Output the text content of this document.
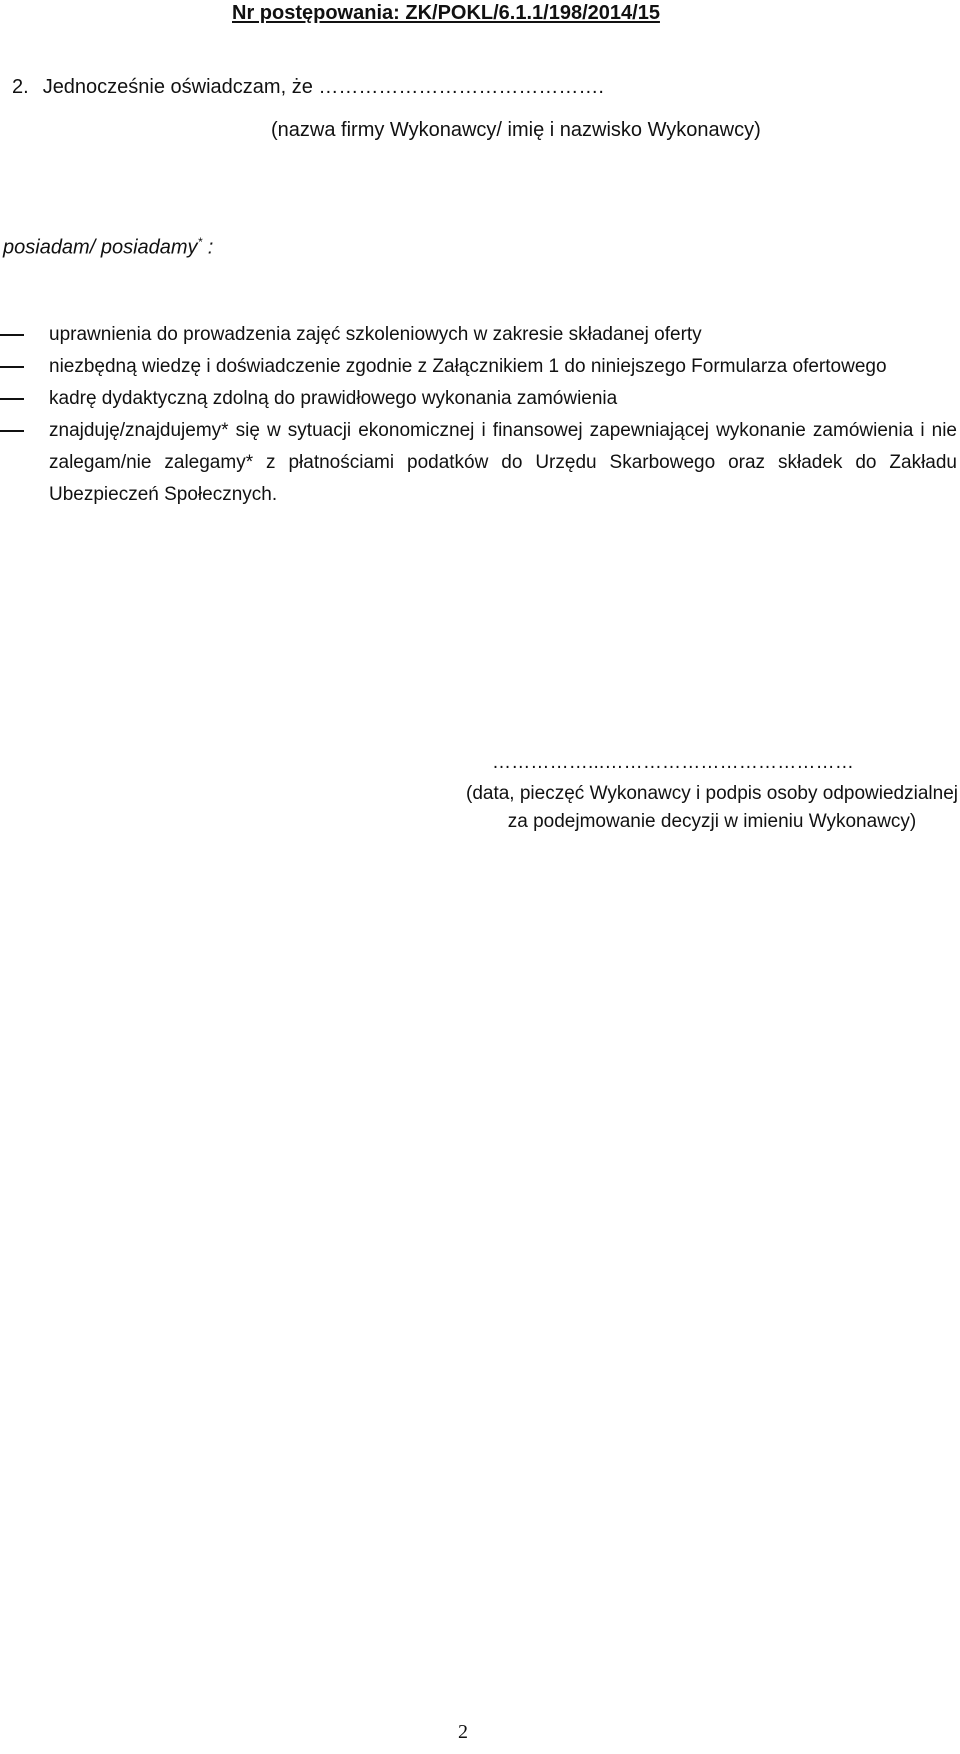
Nr postępowania: ZK/POKL/6.1.1/198/2014/15
2. Jednocześnie oświadczam, że …………………………………….
(nazwa firmy Wykonawcy/ imię i nazwisko Wykonawcy)
posiadam/ posiadamy* :
uprawnienia do prowadzenia zajęć szkoleniowych w zakresie składanej oferty
niezbędną wiedzę i doświadczenie zgodnie z Załącznikiem 1 do niniejszego Formularza ofertowego
kadrę dydaktyczną zdolną do prawidłowego wykonania zamówienia
znajduję/znajdujemy* się w sytuacji ekonomicznej i finansowej zapewniającej wykonanie zamówienia i nie zalegam/nie zalegamy* z płatnościami podatków do Urzędu Skarbowego oraz składek do Zakładu Ubezpieczeń Społecznych.
……………...…………………………………
(data, pieczęć Wykonawcy i podpis osoby odpowiedzialnej
za podejmowanie decyzji w imieniu Wykonawcy)
2
